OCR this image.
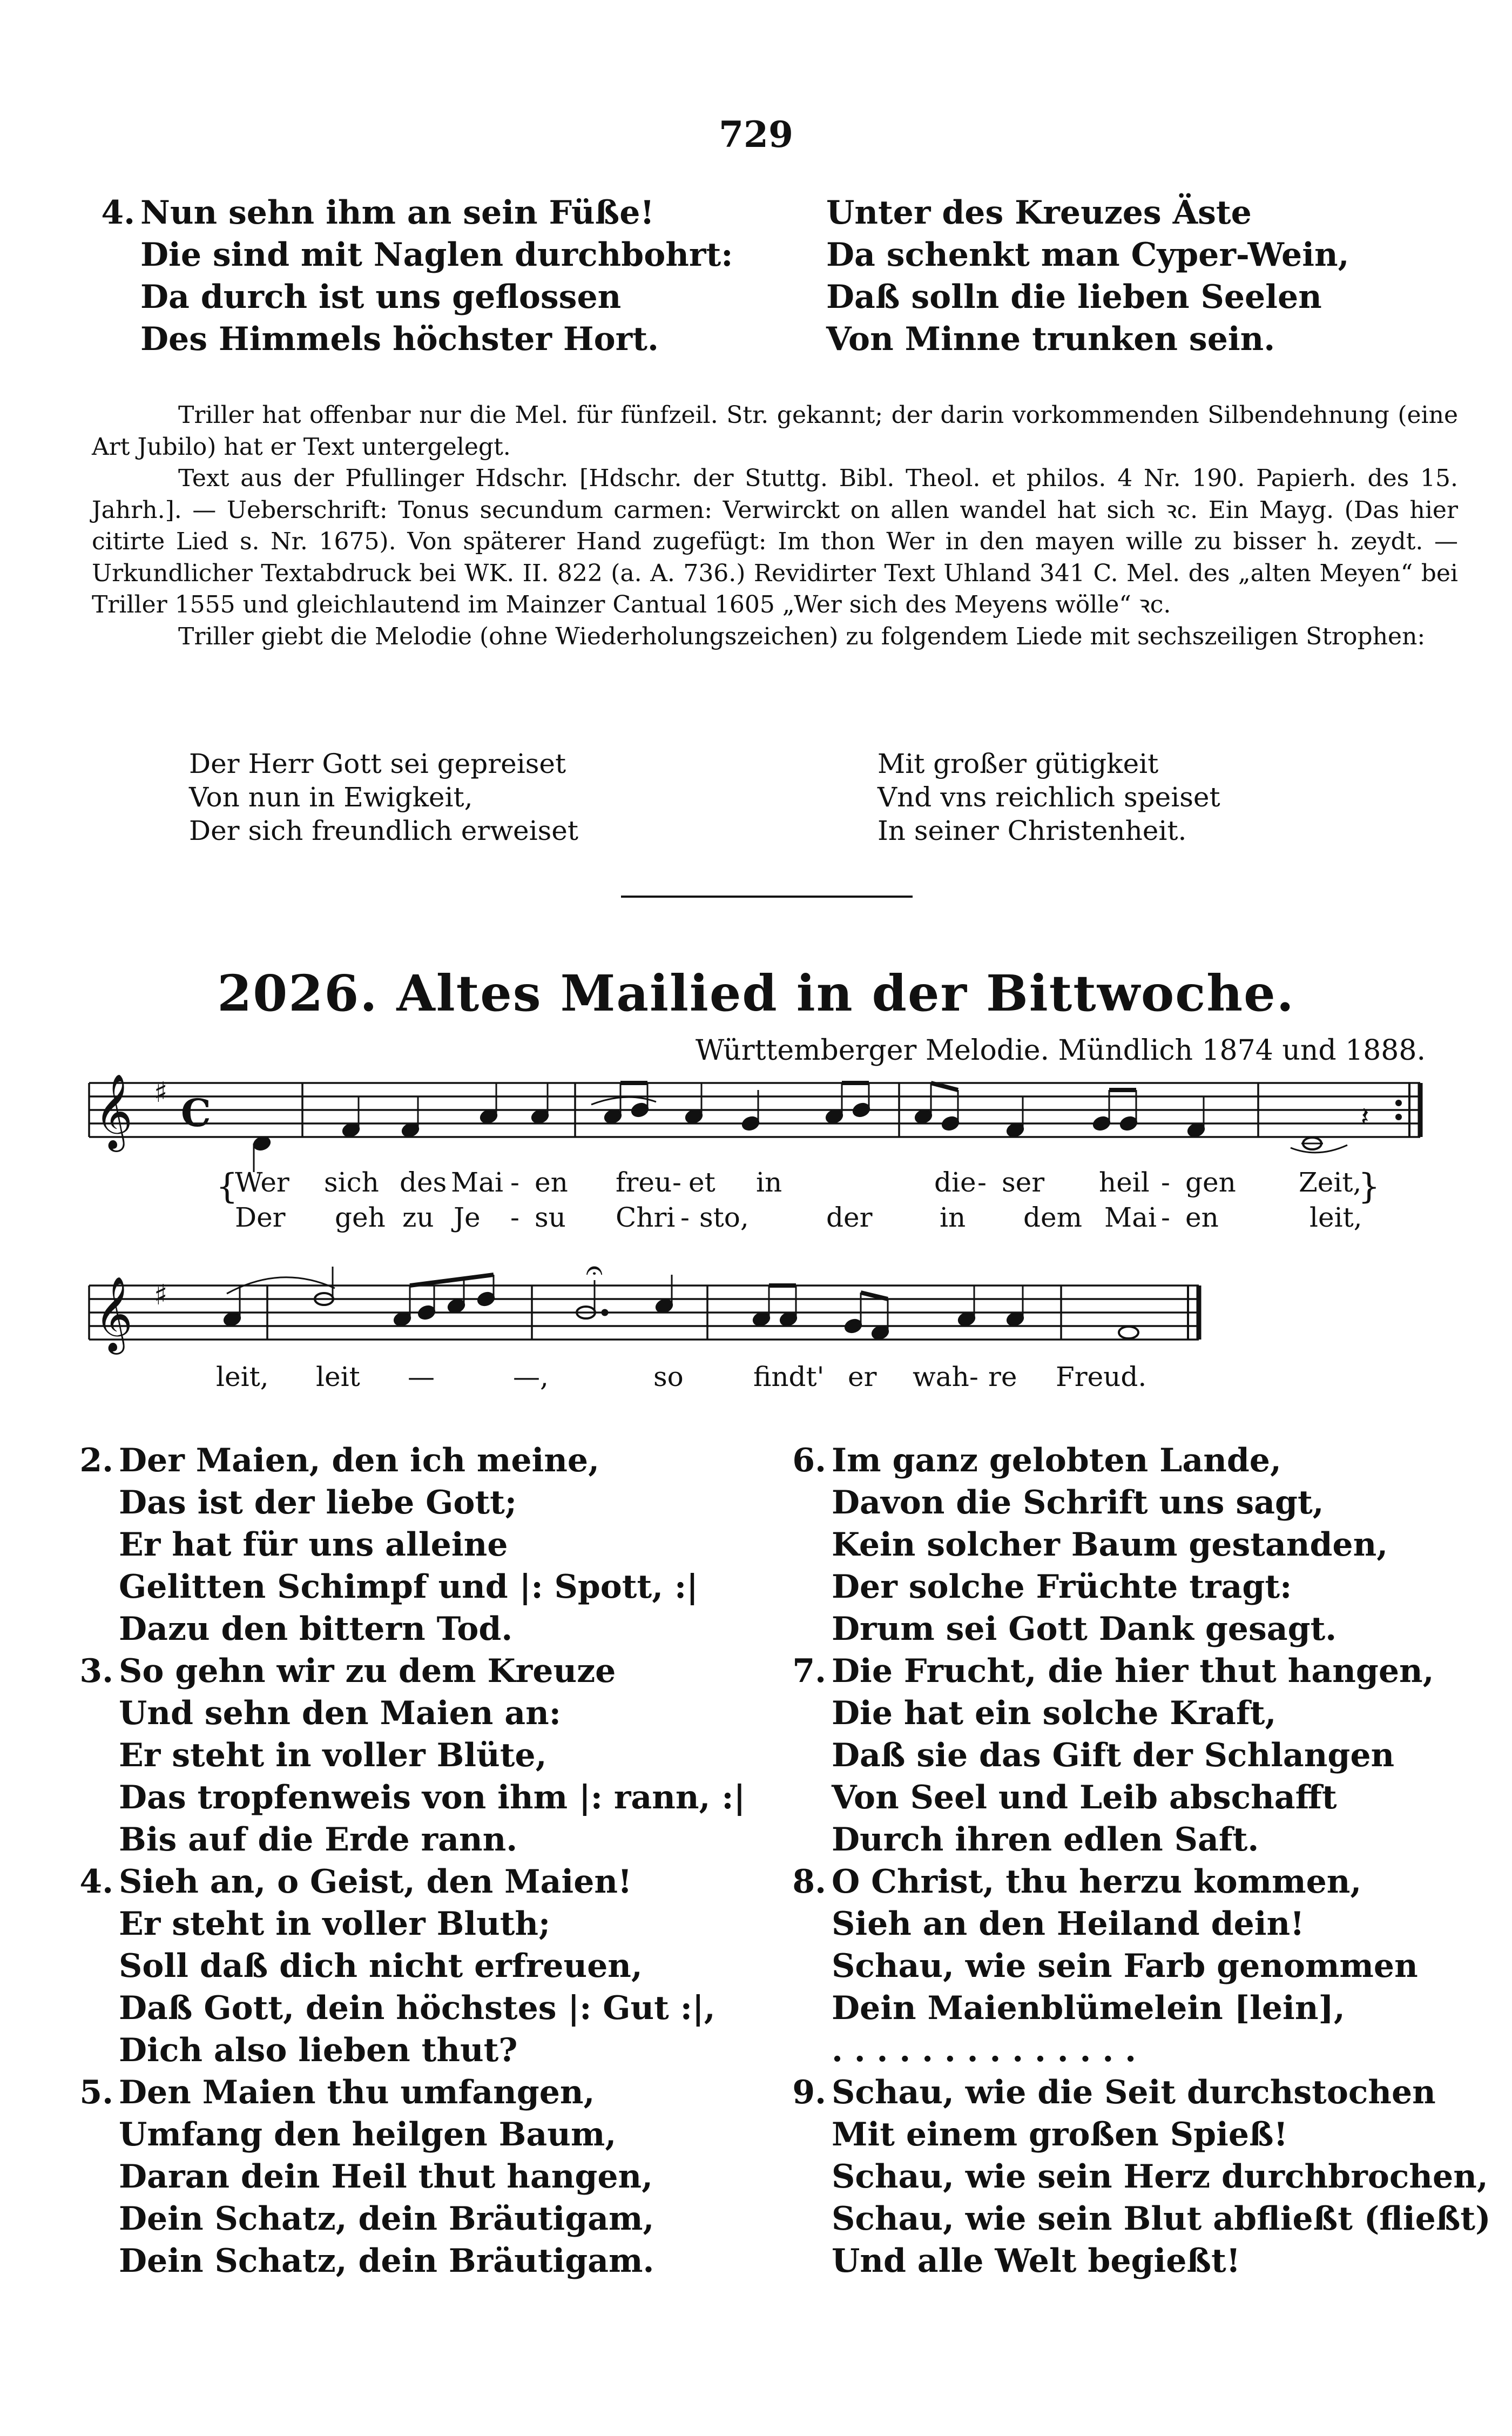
729
4. Nun sehn ihm an sein Füße!
Die sind mit Naglen durchbohrt:
Da durch ist uns geflossen
Des Himmels höchster Hort.
Unter des Kreuzes Äste
Da schenkt man Cyper-Wein,
Daß solln die lieben Seelen
Von Minne trunken sein.

Triller hat offenbar nur die Mel. für fünfzeil. Str. gekannt; der darin vorkommenden Silbendehnung (eine Art Jubilo) hat er Text untergelegt.

Text aus der Pfullinger Hdschr. [Hdschr. der Stuttg. Bibl. Theol. et philos. 4 Nr. 190. Papierh. des 15. Jahrh.]. — Ueberschrift: Tonus secundum carmen: Verwirckt on allen wandel hat sich ꝛc. Ein Mayg. (Das hier citirte Lied s. Nr. 1675). Von späterer Hand zugefügt: Im thon Wer in den mayen wille zu bisser h. zeydt. — Urkundlicher Textabdruck bei WK. II. 822 (a. A. 736.) Revidirter Text Uhland 341 C. Mel. des „alten Meyen“ bei Triller 1555 und gleichlautend im Mainzer Cantual 1605 „Wer sich des Meyens wölle“ ꝛc.

Triller giebt die Melodie (ohne Wiederholungszeichen) zu folgendem Liede mit sechszeiligen Strophen:

Der Herr Gott sei gepreiset
Von nun in Ewigkeit,
Der sich freundlich erweiset
Mit großer gütigkeit
Vnd vns reichlich speiset
In seiner Christenheit.
2026. Altes Mailied in der Bittwoche.
Württemberger Melodie. Mündlich 1874 und 1888.
𝄞 ♯ C	𝄽
𝄞 ♯
𝄐
{	}
Wer sich des Mai - en freu - et in	die - ser heil - gen Zeit,
Der geh zu Je - su Chri - sto,	der in dem Mai - en	leit,
leit, leit —	—,	so	findt' er wah - re Freud.
2. Der Maien, den ich meine,
Das ist der liebe Gott;
Er hat für uns alleine
Gelitten Schimpf und |: Spott, :|
Dazu den bittern Tod.
3. So gehn wir zu dem Kreuze
Und sehn den Maien an:
Er steht in voller Blüte,
Das tropfenweis von ihm |: rann, :|
Bis auf die Erde rann.
4. Sieh an, o Geist, den Maien!
Er steht in voller Bluth;
Soll daß dich nicht erfreuen,
Daß Gott, dein höchstes |: Gut :|,
Dich also lieben thut?
5. Den Maien thu umfangen,
Umfang den heilgen Baum,
Daran dein Heil thut hangen,
Dein Schatz, dein Bräutigam,
Dein Schatz, dein Bräutigam.
6. Im ganz gelobten Lande,
Davon die Schrift uns sagt,
Kein solcher Baum gestanden,
Der solche Früchte tragt:
Drum sei Gott Dank gesagt.
7. Die Frucht, die hier thut hangen,
Die hat ein solche Kraft,
Daß sie das Gift der Schlangen
Von Seel und Leib abschafft
Durch ihren edlen Saft.
8. O Christ, thu herzu kommen,
Sieh an den Heiland dein!
Schau, wie sein Farb genommen
Dein Maienblümelein [lein],
. . . . . . . . . . . . . .
9. Schau, wie die Seit durchstochen
Mit einem großen Spieß!
Schau, wie sein Herz durchbrochen,
Schau, wie sein Blut abfließt (fließt)
Und alle Welt begießt!
